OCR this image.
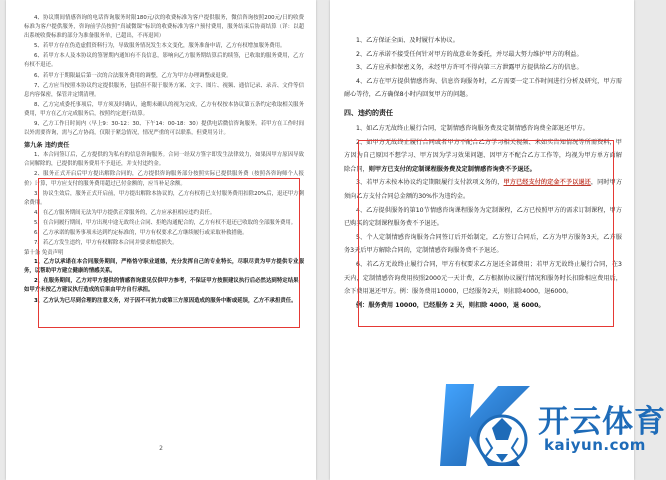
4、协议期间情感咨询的电话咨询服务时限180元/次的收费标准为客户提供服务，微信咨询按照200元/日的收费标准为客户提供服务，咨询前学员按照“真诚微课”标识的收费标准为客户预付费用，服务结束后协商结算（详：以超出系统收费标准的部分为准备服务单，已超出，不再退回）

5、若甲方存在伪造虚假资料行为，导致服务情况发生本文变化，服务准备申请，乙方有权增加服务费用。

6、若甲方本人及本协议的签署期内通知有不良信息，影响向乙方服务期结算后的续签，已收取的服务费用，乙方有权不退还。

6、若甲方于期限最后第一次的合法服务费用的调整，乙方为甲方办理调整或退费。

7、乙方应当按照本协议约定提供服务，包括但不限于服务方案、文字、图片、视频、通信记录、录音、文件等信息内容保密，保管并定期清理。

8、乙方完成委托事项后，甲方须及时确认，逾期未确认的视为完成，乙方有权按本协议第五条约定收取相关服务费用，甲方在乙方完成服务后，按照约定进行结算。

9、乙方工作日时间内（早上9：30-12：30、下午14：00-18：30）提供电话微信咨询服务。若甲方在工作时间以外需要咨询，需与乙方协商，仅限于紧急情况，情况严重的可以联系，但费用另计。

第九条 违约责任

1、本合同签订后，乙方提供的为私有的信息咨询服务。合同一经双方签字即发生法律效力，如果因甲方原因导致合同解除的，已提供的服务费用不予退还，并支付违约金。

2、服务正式开启后甲方提出解除合同的，乙方提供咨询服务部分按照实际已提供服务费（按照各咨询师个人报价）计算，甲方应支付的服务费用超过已付金额的，应当补足余额。

3、协议生效后，服务正式开启前，甲方提出解除本协议的，乙方有权将已支付服务费用扣除20%后，退还甲方剩余费用。

4、在乙方服务期间无法为甲方提供正常服务的，乙方应承担相应违约责任。

5、在合同履行期间，甲方出现中途无故终止合同、拒绝沟通配合的，乙方有权不退还已收取的全部服务费用。

6、乙方承诺的服务事项未达到约定标准的，甲方有权要求乙方继续履行或采取补救措施。

7、若乙方发生违约，甲方有权解除本合同并要求赔偿损失。

第十条 免责声明

1、乙方以承诺在本合同服务期间，严格恪守职业道德，充分发挥自己的专业特长，尽职尽责为甲方提供专业服务，以帮助甲方建立健康的情感关系。

2、在服务期间，乙方对甲方提供的情感咨询意见仅供甲方参考，不保证甲方按照建议执行后必然达到特定结果，如甲方未按乙方建议执行造成的后果由甲方自行承担。

3、乙方认为已尽到合理的注意义务，对于因不可抗力或第三方原因造成的服务中断或延误，乙方不承担责任。

2

1、乙方保证全面、及时履行本协议。

2、乙方承诺不接受任何针对甲方的故意业务委托，并尽最大努力维护甲方的利益。

3、乙方应承担保密义务，未经甲方许可不得向第三方泄露甲方提供给乙方的信息。

4、乙方在甲方提供情感咨询、信息咨询服务时，乙方需要一定工作时间进行分析及研究，甲方需耐心等待，乙方确保8小时内回复甲方的问题。

四、违约的责任

1、如乙方无故终止履行合同，定制情感咨询服务费及定制情感咨询费全部退还甲方。

2、如甲方无故终止履行合同或者甲方不配合乙方学习相关视频、未如实告知情况等所需资料，甲方因为自己原因不想学习、甲方因为学习效果问题、因甲方不配合乙方工作等，均视为甲方单方面解除合同，则甲方已支付的定制课程服务费及定制情感咨询费不予退还。

3、若甲方未按本协议约定期限履行支付款项义务的，甲方已经支付的定金不予以退还，同时甲方须向乙方支付合同总金额的30%作为违约金。

4、乙方提供服务的第10节情感咨询课程服务为定制课程，乙方已按照甲方的需求订制课程，甲方已购买的定制课程服务费不予退还。

5、个人定制情感咨询服务合同签订后开始制定，乙方签订合同后，乙方为甲方服务3天，乙方服务3天后甲方解除合同的，定制情感咨询服务费不予退还。

6、若乙方无故终止履行合同，甲方有权要求乙方退还全部费用；若甲方无故终止履行合同，在3天内，定制情感咨询费用按照2000元一天计费，乙方根据协议履行情况和服务时长扣除相应费用后，余下费用退还甲方。例：服务费用10000，已经服务2天，则扣除4000，退6000。

例：服务费用 10000，已经服务 2 天，则扣除 4000，退 6000。

开云体育
kaiyun.com
